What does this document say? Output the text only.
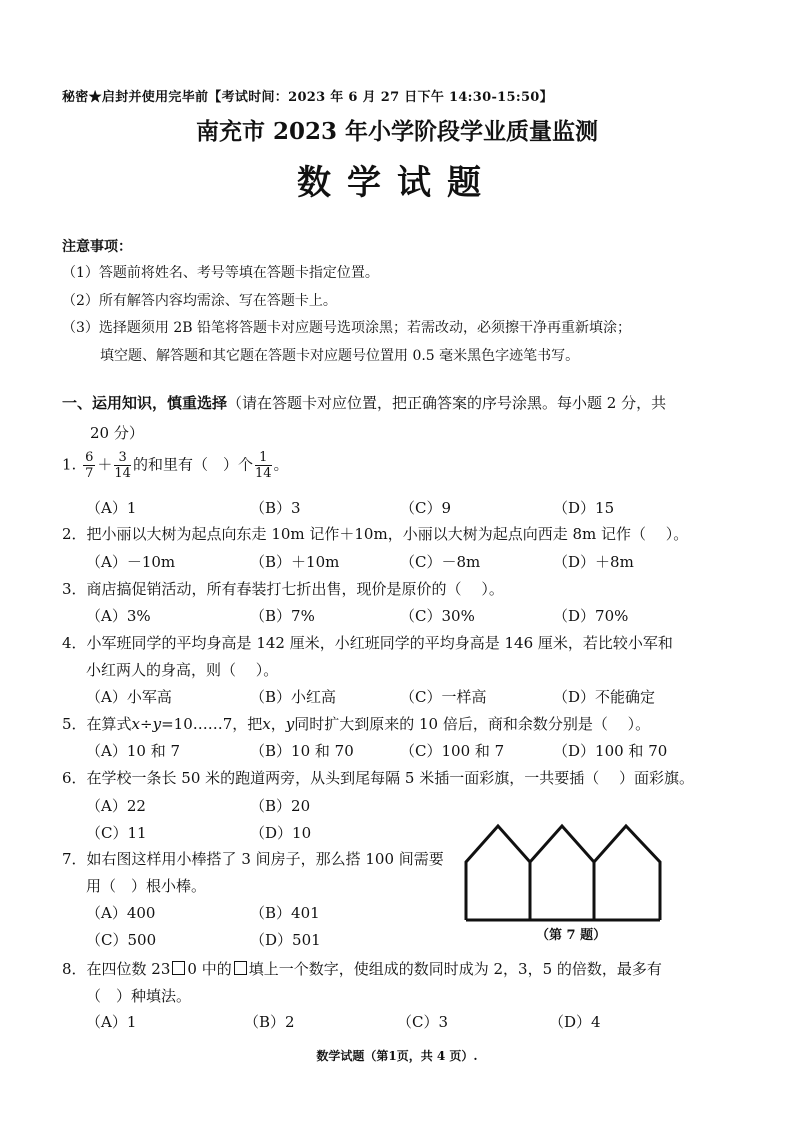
秘密★启封并使用完毕前【考试时间：2023 年 6 月 27 日下午 14:30-15:50】
南充市 2023 年小学阶段学业质量监测
数学试题
注意事项：
（1）答题前将姓名、考号等填在答题卡指定位置。
（2）所有解答内容均需涂、写在答题卡上。
（3）选择题须用 2B 铅笔将答题卡对应题号选项涂黑；若需改动，必须擦干净再重新填涂；
填空题、解答题和其它题在答题卡对应题号位置用 0.5 毫米黑色字迹笔书写。
一、运用知识，慎重选择（请在答题卡对应位置，把正确答案的序号涂黑。每小题 2 分，共
20 分）
1. $\frac{6}{7} + \frac{3}{14}$ 的和里有（　）个 $\frac{1}{14}$ 。
（A）1	（B）3	（C）9	（D）15
2．把小丽以大树为起点向东走 10m 记作＋10m，小丽以大树为起点向西走 8m 记作（　 ）。
（A）－10m	（B）＋10m	（C）－8m	（D）＋8m
3．商店搞促销活动，所有春装打七折出售，现价是原价的（　 ）。
（A）3%	（B）7%	（C）30%	（D）70%
4．小军班同学的平均身高是 142 厘米，小红班同学的平均身高是 146 厘米，若比较小军和
小红两人的身高，则（　 ）。
（A）小军高	（B）小红高	（C）一样高	（D）不能确定
5．在算式x÷y=10……7，把x，y同时扩大到原来的 10 倍后，商和余数分别是（　 ）。
（A）10 和 7	（B）10 和 70	（C）100 和 7	（D）100 和 70
6．在学校一条长 50 米的跑道两旁，从头到尾每隔 5 米插一面彩旗，一共要插（　 ）面彩旗。
（A）22	（B）20
（C）11	（D）10
7．如右图这样用小棒搭了 3 间房子，那么搭 100 间需要
用（　）根小棒。
（A）400	（B）401
（C）500	（D）501	（第 7 题）
8．在四位数 23 0 中的 填上一个数字，使组成的数同时成为 2，3，5 的倍数，最多有
（　）种填法。
（A）1	（B）2	（C）3	（D）4
数学试题（第1页，共 4 页）.
